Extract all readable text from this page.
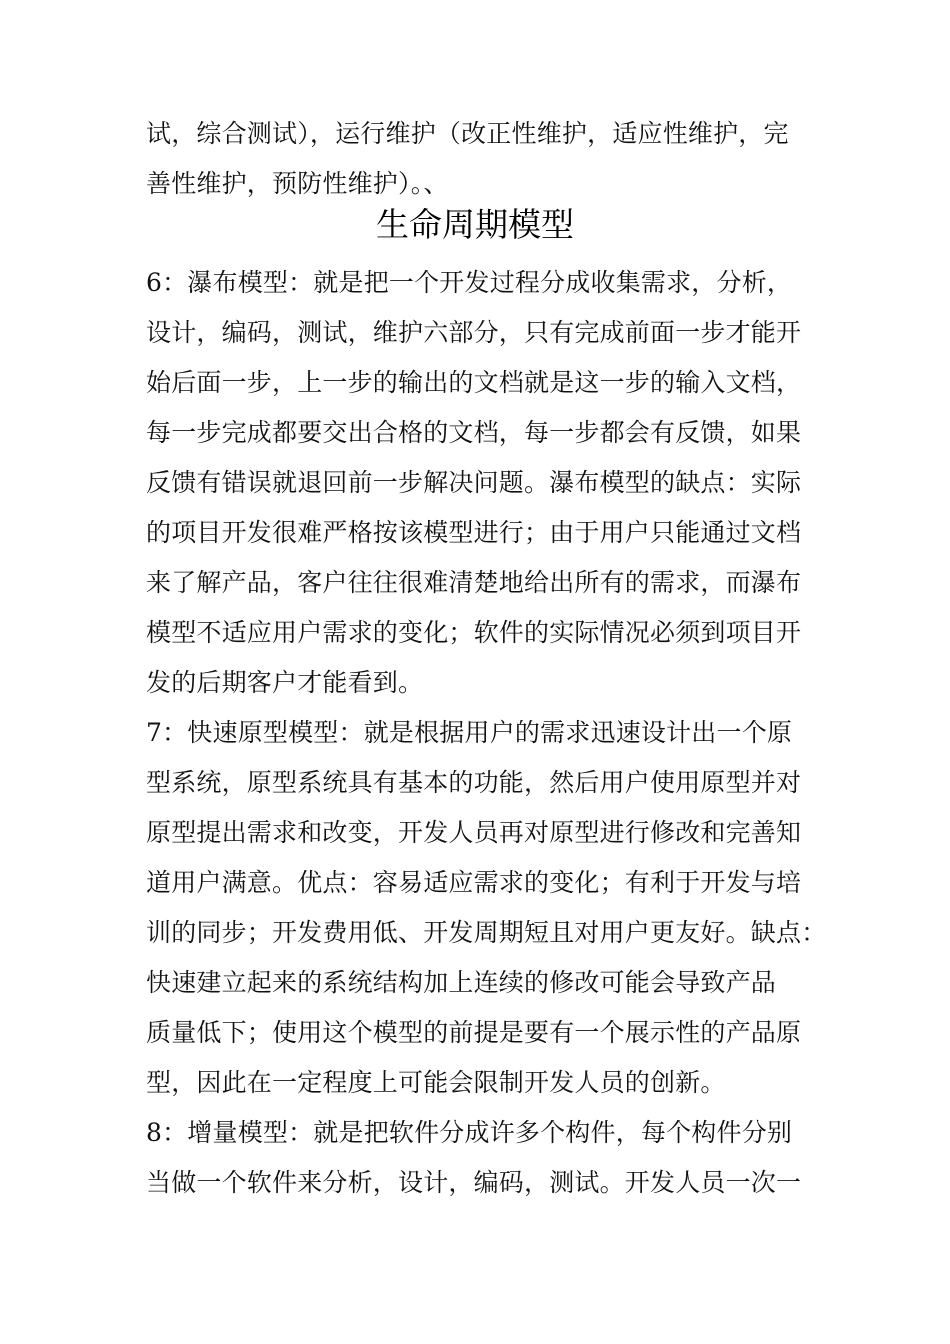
试，综合测试），运行维护（改正性维护，适应性维护，完
善性维护，预防性维护）。、
生命周期模型
6：瀑布模型：就是把一个开发过程分成收集需求，分析，
设计，编码，测试，维护六部分，只有完成前面一步才能开
始后面一步，上一步的输出的文档就是这一步的输入文档，
每一步完成都要交出合格的文档，每一步都会有反馈，如果
反馈有错误就退回前一步解决问题。瀑布模型的缺点：实际
的项目开发很难严格按该模型进行；由于用户只能通过文档
来了解产品，客户往往很难清楚地给出所有的需求，而瀑布
模型不适应用户需求的变化；软件的实际情况必须到项目开
发的后期客户才能看到。
7：快速原型模型：就是根据用户的需求迅速设计出一个原
型系统，原型系统具有基本的功能，然后用户使用原型并对
原型提出需求和改变，开发人员再对原型进行修改和完善知
道用户满意。优点：容易适应需求的变化；有利于开发与培
训的同步；开发费用低、开发周期短且对用户更友好。缺点：
快速建立起来的系统结构加上连续的修改可能会导致产品
质量低下；使用这个模型的前提是要有一个展示性的产品原
型，因此在一定程度上可能会限制开发人员的创新。
8：增量模型：就是把软件分成许多个构件，每个构件分别
当做一个软件来分析，设计，编码，测试。开发人员一次一
